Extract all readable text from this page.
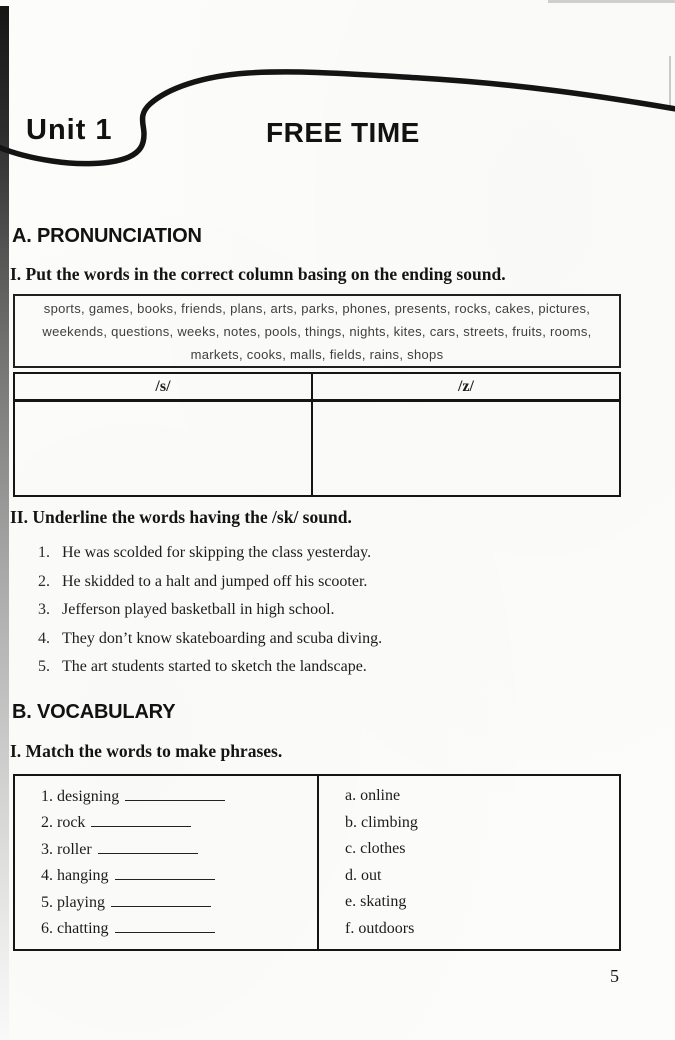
Unit 1	FREE TIME
A. PRONUNCIATION
I. Put the words in the correct column basing on the ending sound.
sports, games, books, friends, plans, arts, parks, phones, presents, rocks, cakes, pictures,
weekends, questions, weeks, notes, pools, things, nights, kites, cars, streets, fruits, rooms,
markets, cooks, malls, fields, rains, shops
/s/	/z/
II. Underline the words having the /sk/ sound.
1. He was scolded for skipping the class yesterday.
2. He skidded to a halt and jumped off his scooter.
3. Jefferson played basketball in high school.
4. They don’t know skateboarding and scuba diving.
5. The art students started to sketch the landscape.
B. VOCABULARY
I. Match the words to make phrases.
1. designing
2. rock
3. roller
4. hanging
5. playing
6. chatting
a. online
b. climbing
c. clothes
d. out
e. skating
f. outdoors
5
